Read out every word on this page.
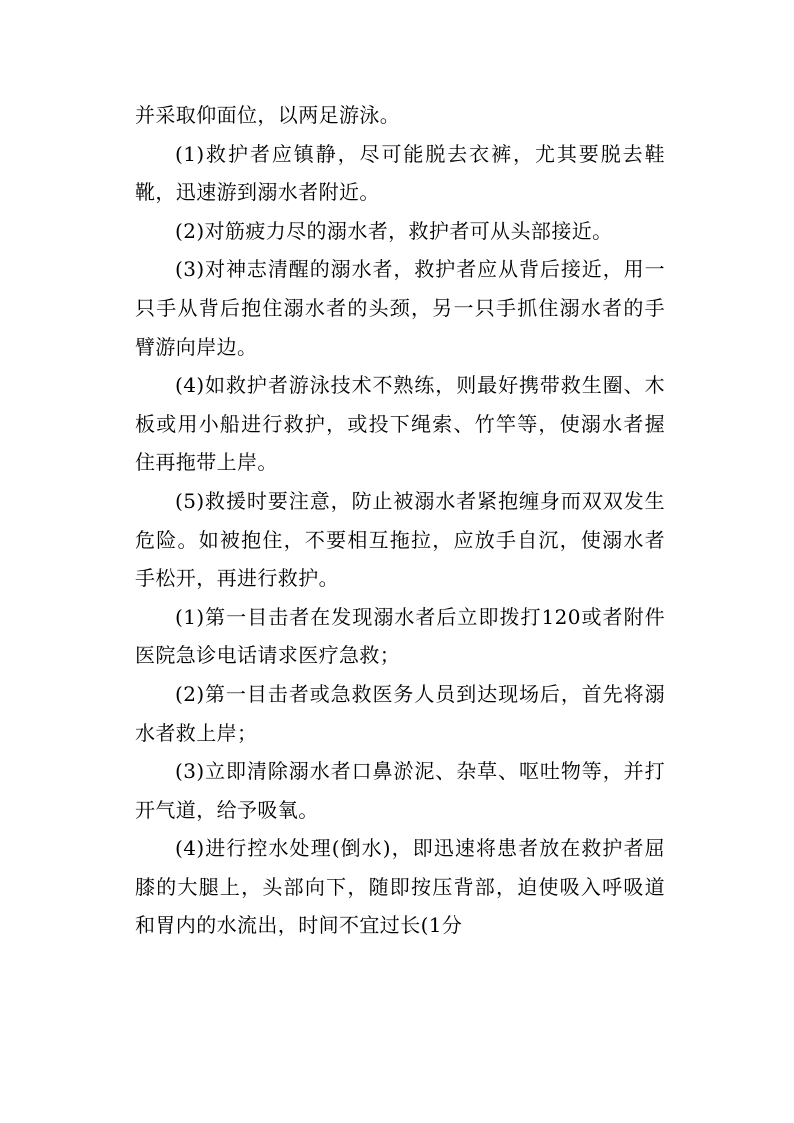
并采取仰面位，以两足游泳。

(1)救护者应镇静，尽可能脱去衣裤，尤其要脱去鞋靴，迅速游到溺水者附近。

(2)对筋疲力尽的溺水者，救护者可从头部接近。

(3)对神志清醒的溺水者，救护者应从背后接近，用一只手从背后抱住溺水者的头颈，另一只手抓住溺水者的手臂游向岸边。

(4)如救护者游泳技术不熟练，则最好携带救生圈、木板或用小船进行救护，或投下绳索、竹竿等，使溺水者握住再拖带上岸。

(5)救援时要注意，防止被溺水者紧抱缠身而双双发生危险。如被抱住，不要相互拖拉，应放手自沉，使溺水者手松开，再进行救护。

(1)第一目击者在发现溺水者后立即拨打120或者附件医院急诊电话请求医疗急救；

(2)第一目击者或急救医务人员到达现场后，首先将溺水者救上岸；

(3)立即清除溺水者口鼻淤泥、杂草、呕吐物等，并打开气道，给予吸氧。

(4)进行控水处理(倒水)，即迅速将患者放在救护者屈膝的大腿上，头部向下，随即按压背部，迫使吸入呼吸道和胃内的水流出，时间不宜过长(1分
